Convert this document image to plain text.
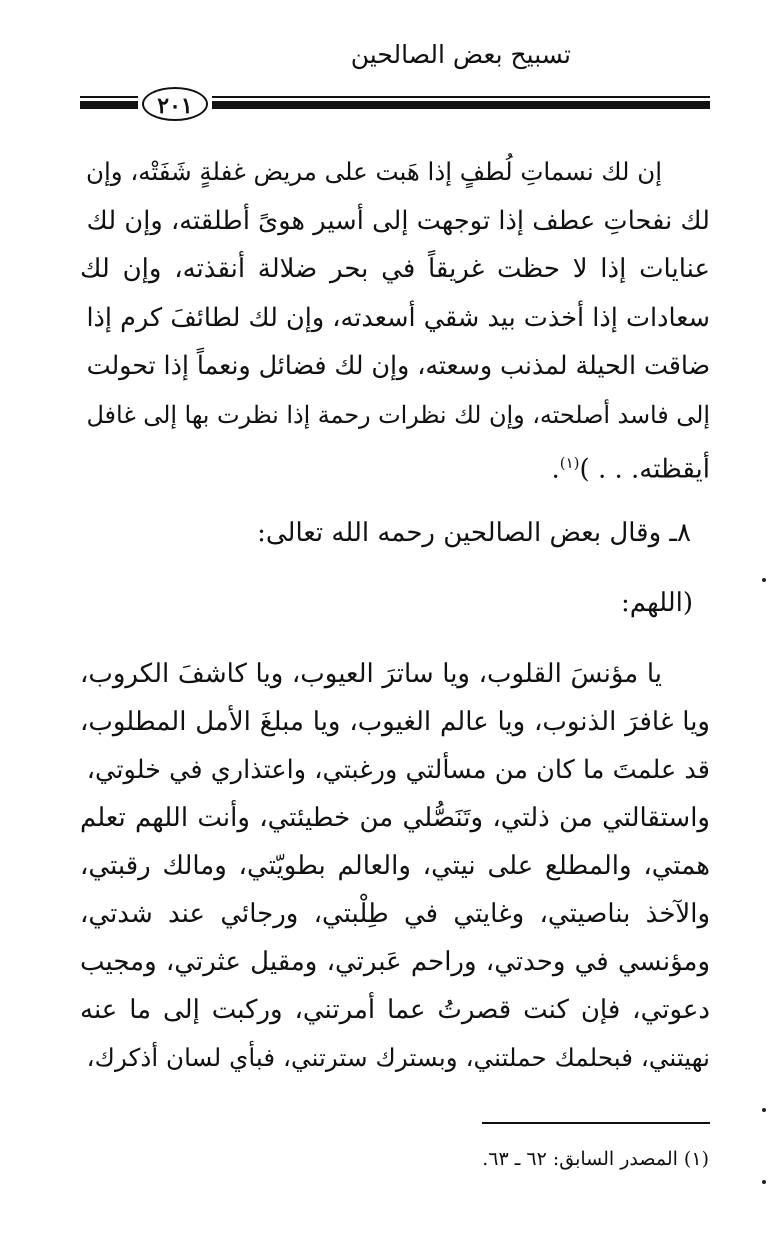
تسبيح بعض الصالحين
٢٠١

إن لك نسماتِ لُطفٍ إذا هَبت على مريض غفلةٍ شَفَتْه، وإن
لك نفحاتِ عطف إذا توجهت إلى أسير هوىً أطلقته، وإن لك
عنايات إذا لا حظت غريقاً في بحر ضلالة أنقذته، وإن لك
سعادات إذا أخذت بيد شقي أسعدته، وإن لك لطائفَ كرم إذا
ضاقت الحيلة لمذنب وسعته، وإن لك فضائل ونعماً إذا تحولت
إلى فاسد أصلحته، وإن لك نظرات رحمة إذا نظرت بها إلى غافل
أيقظته. . . )$^{(١)}$.

٨ـ وقال بعض الصالحين رحمه الله تعالى:
(اللهم:
يا مؤنسَ القلوب، ويا ساترَ العيوب، ويا كاشفَ الكروب،
ويا غافرَ الذنوب، ويا عالم الغيوب، ويا مبلغَ الأمل المطلوب،
قد علمتَ ما كان من مسألتي ورغبتي، واعتذاري في خلوتي،
واستقالتي من ذلتي، وتَنَصُّلي من خطيئتي، وأنت اللهم تعلم
همتي، والمطلع على نيتي، والعالم بطويّتي، ومالك رقبتي،
والآخذ بناصيتي، وغايتي في طِلْبتي، ورجائي عند شدتي،
ومؤنسي في وحدتي، وراحم عَبرتي، ومقيل عثرتي، ومجيب
دعوتي، فإن كنت قصرتُ عما أمرتني، وركبت إلى ما عنه
نهيتني، فبحلمك حملتني، وبسترك سترتني، فبأي لسان أذكرك،
(١) المصدر السابق: ٦٢ ـ ٦٣.
